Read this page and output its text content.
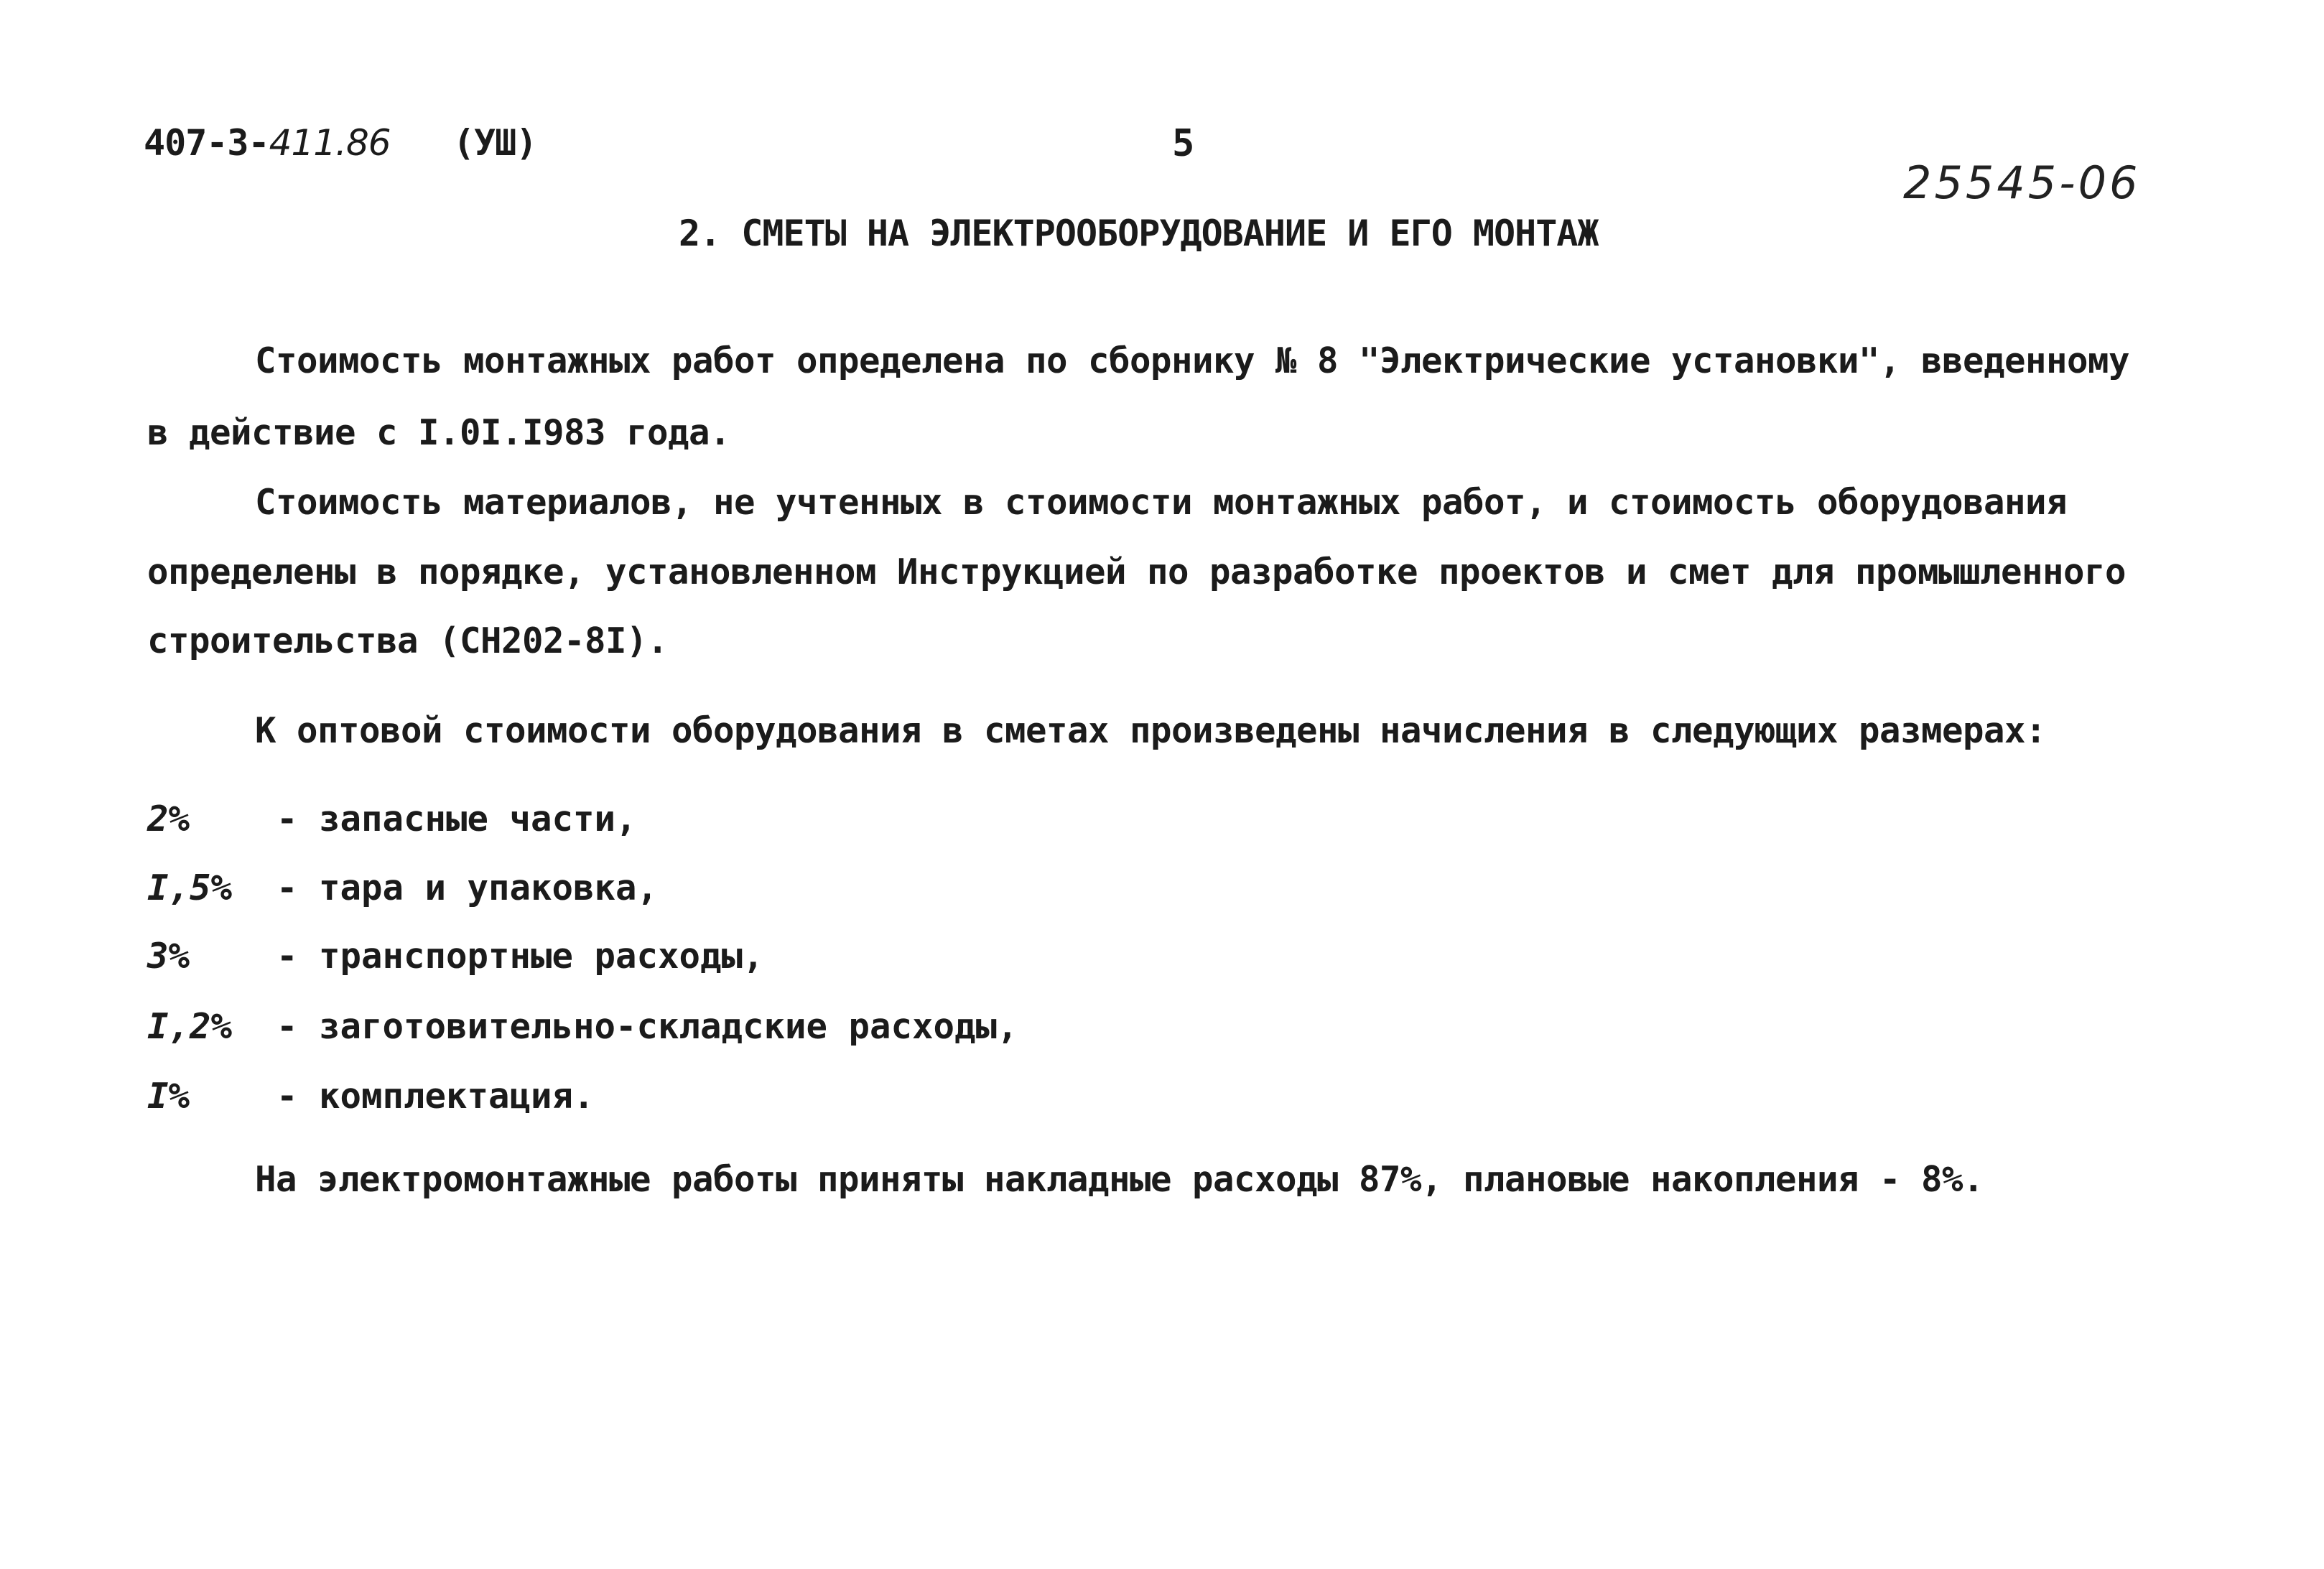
407-3-411.86 (УШ)	5
25545-06
2. СМЕТЫ НА ЭЛЕКТРООБОРУДОВАНИЕ И ЕГО МОНТАЖ
Стоимость монтажных работ определена по сборнику № 8 "Электрические установки", введенному
в действие с I.0I.I983 года.
Стоимость материалов, не учтенных в стоимости монтажных работ, и стоимость оборудования
определены в порядке, установленном Инструкцией по разработке проектов и смет для промышленного
строительства (СН202-8I).
К оптовой стоимости оборудования в сметах произведены начисления в следующих размерах:
2% - запасные части,
I,5% - тара и упаковка,
3% - транспортные расходы,
I,2% - заготовительно-складские расходы,
I% - комплектация.
На электромонтажные работы приняты накладные расходы 87%, плановые накопления - 8%.
